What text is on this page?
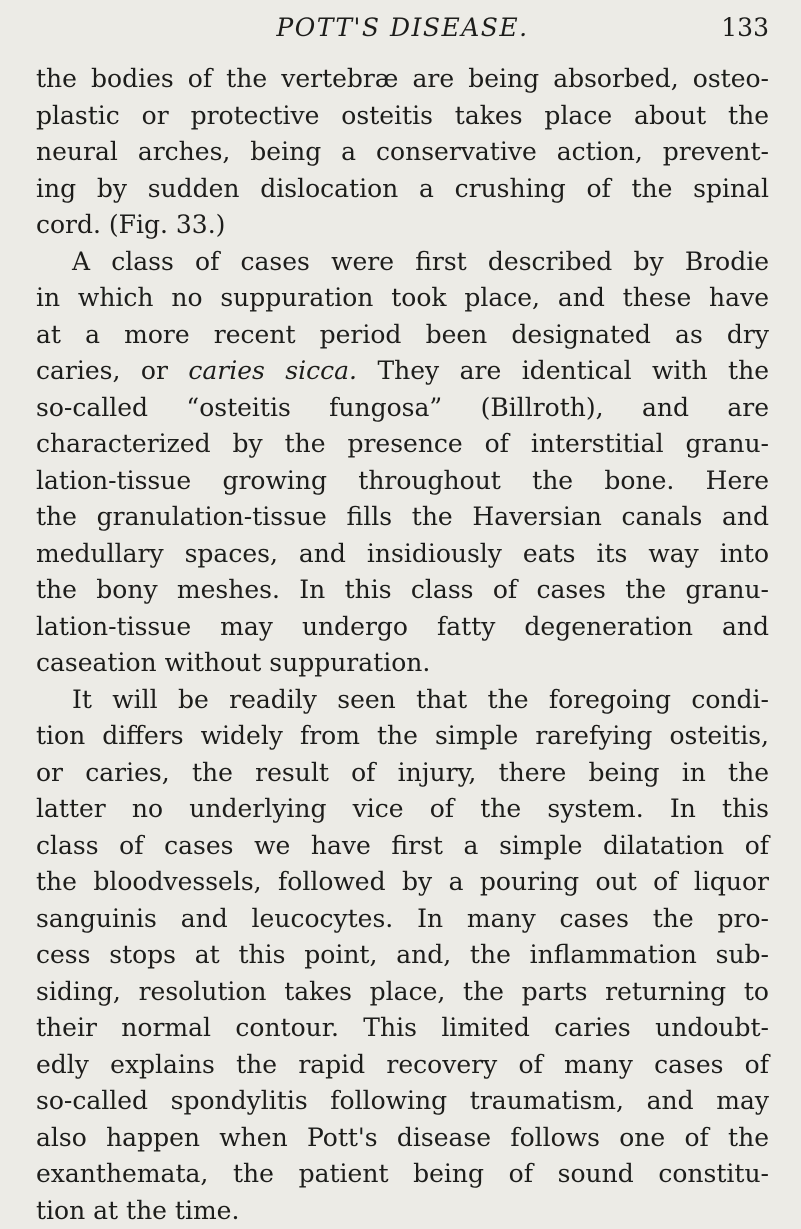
POTT'S DISEASE.	133
the bodies of the vertebræ are being absorbed, osteo-
plastic or protective osteitis takes place about the
neural arches, being a conservative action, prevent-
ing by sudden dislocation a crushing of the spinal
cord. (Fig. 33.)
A class of cases were first described by Brodie
in which no suppuration took place, and these have
at a more recent period been designated as dry
caries, or caries sicca. They are identical with the
so-called “osteitis fungosa” (Billroth), and are
characterized by the presence of interstitial granu-
lation-tissue growing throughout the bone. Here
the granulation-tissue fills the Haversian canals and
medullary spaces, and insidiously eats its way into
the bony meshes. In this class of cases the granu-
lation-tissue may undergo fatty degeneration and
caseation without suppuration.
It will be readily seen that the foregoing condi-
tion differs widely from the simple rarefying osteitis,
or caries, the result of injury, there being in the
latter no underlying vice of the system. In this
class of cases we have first a simple dilatation of
the bloodvessels, followed by a pouring out of liquor
sanguinis and leucocytes. In many cases the pro-
cess stops at this point, and, the inflammation sub-
siding, resolution takes place, the parts returning to
their normal contour. This limited caries undoubt-
edly explains the rapid recovery of many cases of
so-called spondylitis following traumatism, and may
also happen when Pott's disease follows one of the
exanthemata, the patient being of sound constitu-
tion at the time.
